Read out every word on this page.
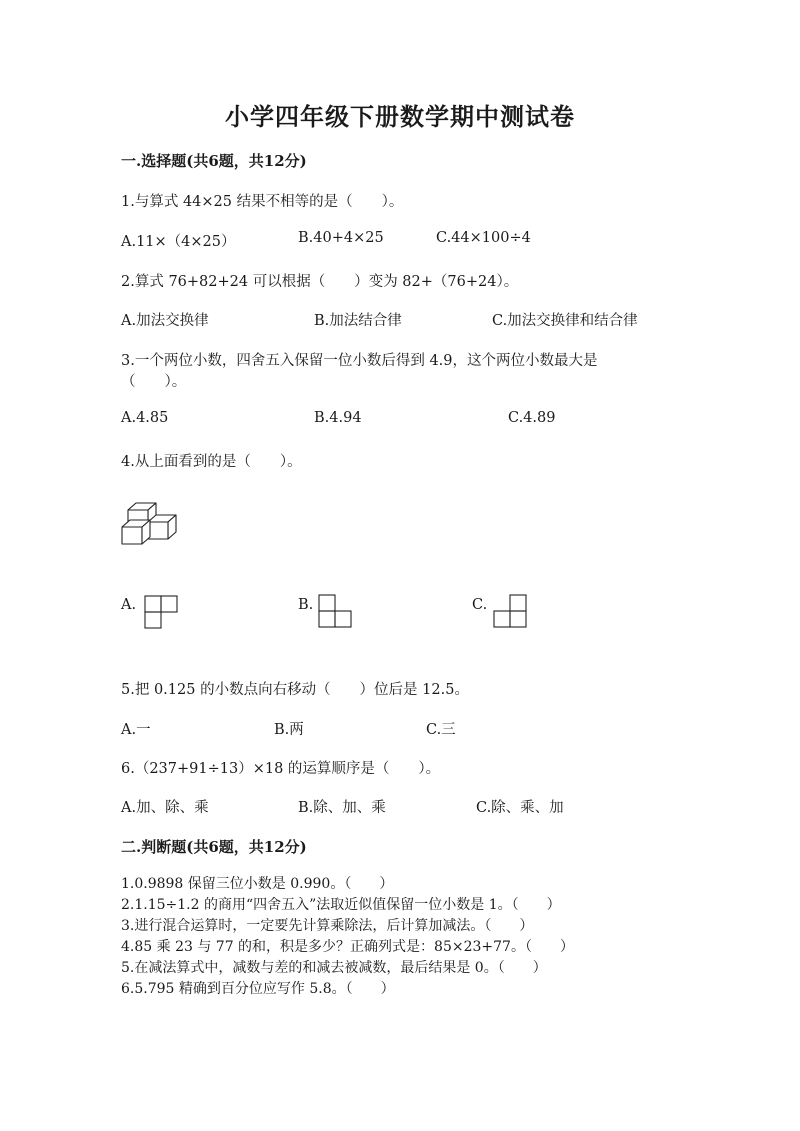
小学四年级下册数学期中测试卷
一.选择题(共6题，共12分)
1.与算式 44×25 结果不相等的是（　　）。
A.11×（4×25）	B.40+4×25	C.44×100÷4
2.算式 76+82+24 可以根据（　　）变为 82+（76+24）。
A.加法交换律	B.加法结合律	C.加法交换律和结合律
3.一个两位小数，四舍五入保留一位小数后得到 4.9，这个两位小数最大是
（　　）。
A.4.85	B.4.94	C.4.89
4.从上面看到的是（　　）。
A.	B.	C.
5.把 0.125 的小数点向右移动（　　）位后是 12.5。
A.一	B.两	C.三
6.（237+91÷13）×18 的运算顺序是（　　）。
A.加、除、乘	B.除、加、乘	C.除、乘、加
二.判断题(共6题，共12分)
1.0.9898 保留三位小数是 0.990。（　　）
2.1.15÷1.2 的商用“四舍五入”法取近似值保留一位小数是 1。（　　）
3.进行混合运算时，一定要先计算乘除法，后计算加减法。（　　）
4.85 乘 23 与 77 的和，积是多少？正确列式是：85×23+77。（　　）
5.在减法算式中，减数与差的和减去被减数，最后结果是 0。（　　）
6.5.795 精确到百分位应写作 5.8。（　　）
